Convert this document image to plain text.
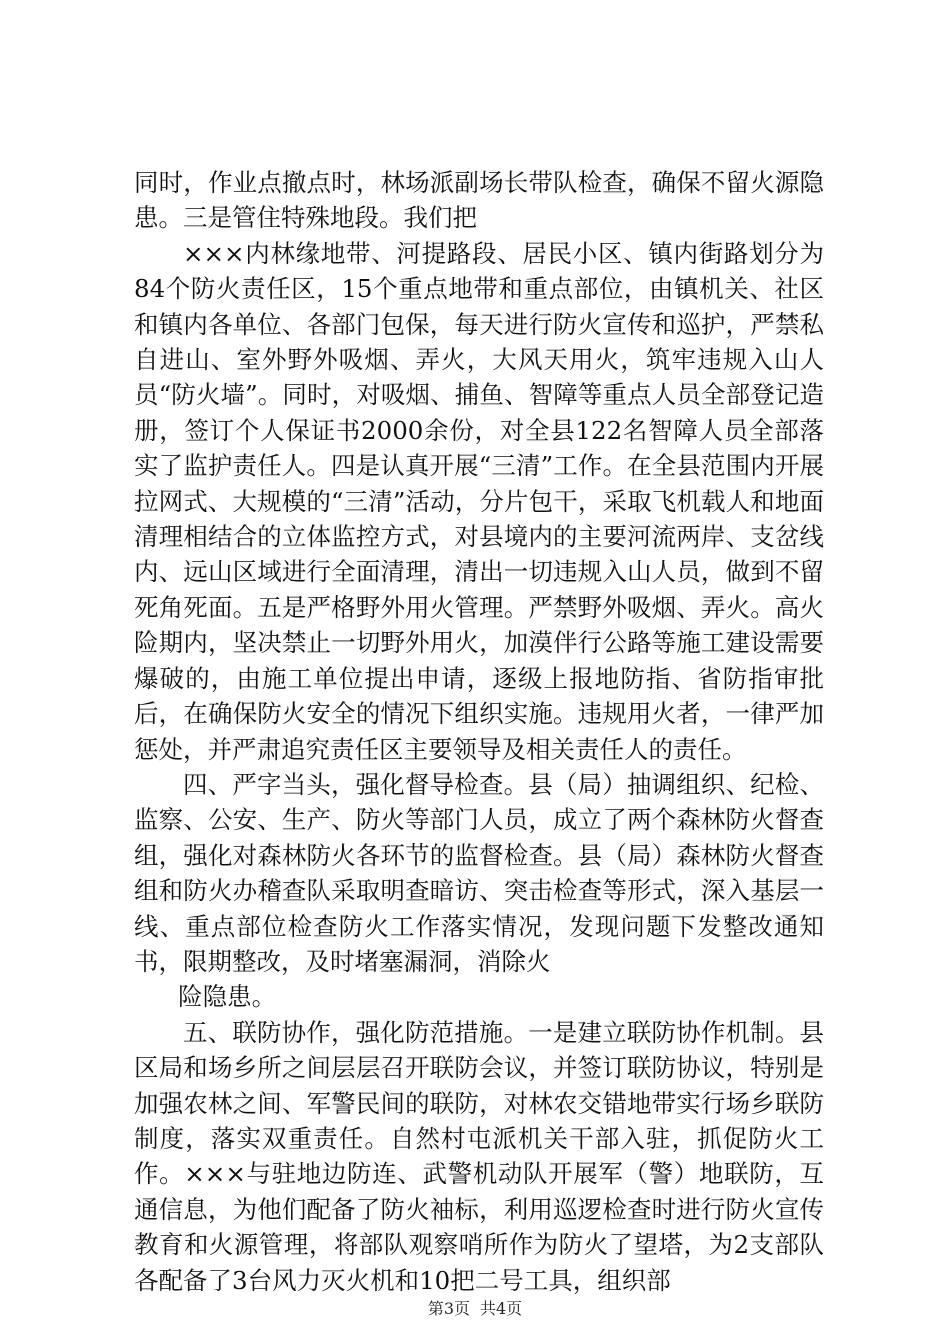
同时，作业点撤点时，林场派副场长带队检查，确保不留火源隐患。三是管住特殊地段。我们把

×××内林缘地带、河提路段、居民小区、镇内街路划分为84个防火责任区，15个重点地带和重点部位，由镇机关、社区和镇内各单位、各部门包保，每天进行防火宣传和巡护，严禁私自进山、室外野外吸烟、弄火，大风天用火，筑牢违规入山人员“防火墙”。同时，对吸烟、捕鱼、智障等重点人员全部登记造册，签订个人保证书2000余份，对全县122名智障人员全部落实了监护责任人。四是认真开展“三清”工作。在全县范围内开展拉网式、大规模的“三清”活动，分片包干，采取飞机载人和地面清理相结合的立体监控方式，对县境内的主要河流两岸、支岔线内、远山区域进行全面清理，清出一切违规入山人员，做到不留死角死面。五是严格野外用火管理。严禁野外吸烟、弄火。高火险期内，坚决禁止一切野外用火，加漠伴行公路等施工建设需要爆破的，由施工单位提出申请，逐级上报地防指、省防指审批后，在确保防火安全的情况下组织实施。违规用火者，一律严加惩处，并严肃追究责任区主要领导及相关责任人的责任。

四、严字当头，强化督导检查。县（局）抽调组织、纪检、监察、公安、生产、防火等部门人员，成立了两个森林防火督查组，强化对森林防火各环节的监督检查。县（局）森林防火督查组和防火办稽查队采取明查暗访、突击检查等形式，深入基层一线、重点部位检查防火工作落实情况，发现问题下发整改通知书，限期整改，及时堵塞漏洞，消除火

险隐患。

五、联防协作，强化防范措施。一是建立联防协作机制。县区局和场乡所之间层层召开联防会议，并签订联防协议，特别是加强农林之间、军警民间的联防，对林农交错地带实行场乡联防制度，落实双重责任。自然村屯派机关干部入驻，抓促防火工作。×××与驻地边防连、武警机动队开展军（警）地联防，互通信息，为他们配备了防火袖标，利用巡逻检查时进行防火宣传教育和火源管理，将部队观察哨所作为防火了望塔，为2支部队各配备了3台风力灭火机和10把二号工具，组织部

第3页 共4页
